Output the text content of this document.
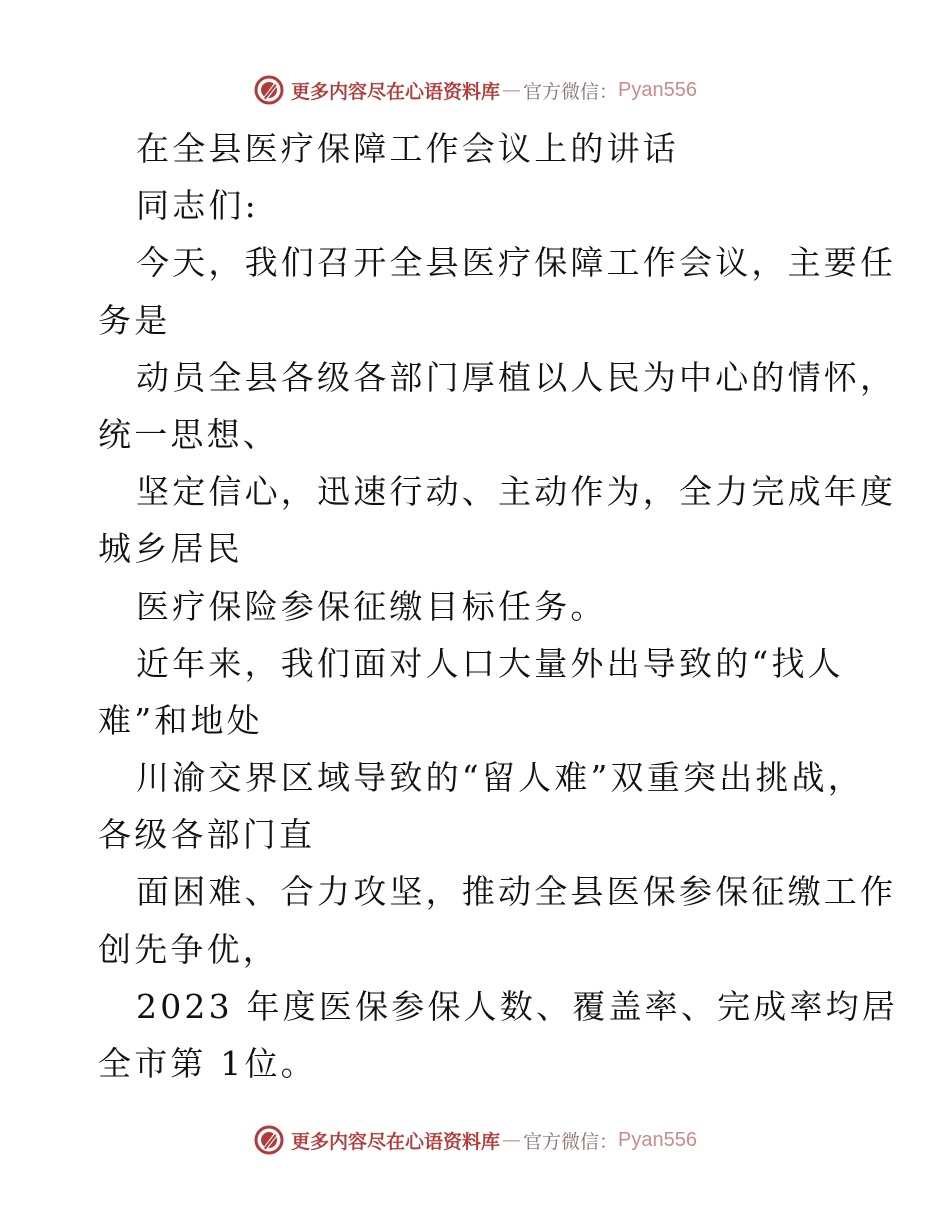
更多内容尽在心语资料库 — 官方微信： Pyan556

在全县医疗保障工作会议上的讲话

同志们:

今天，我们召开全县医疗保障工作会议，主要任

务是

动员全县各级各部门厚植以人民为中心的情怀，

统一思想、

坚定信心，迅速行动、主动作为，全力完成年度

城乡居民

医疗保险参保征缴目标任务。

近年来，我们面对人口大量外出导致的“找人

难”和地处

川渝交界区域导致的“留人难”双重突出挑战，

各级各部门直

面困难、合力攻坚，推动全县医保参保征缴工作

创先争优，

2023 年度医保参保人数、覆盖率、完成率均居

全市第 1位。

更多内容尽在心语资料库 — 官方微信： Pyan556
